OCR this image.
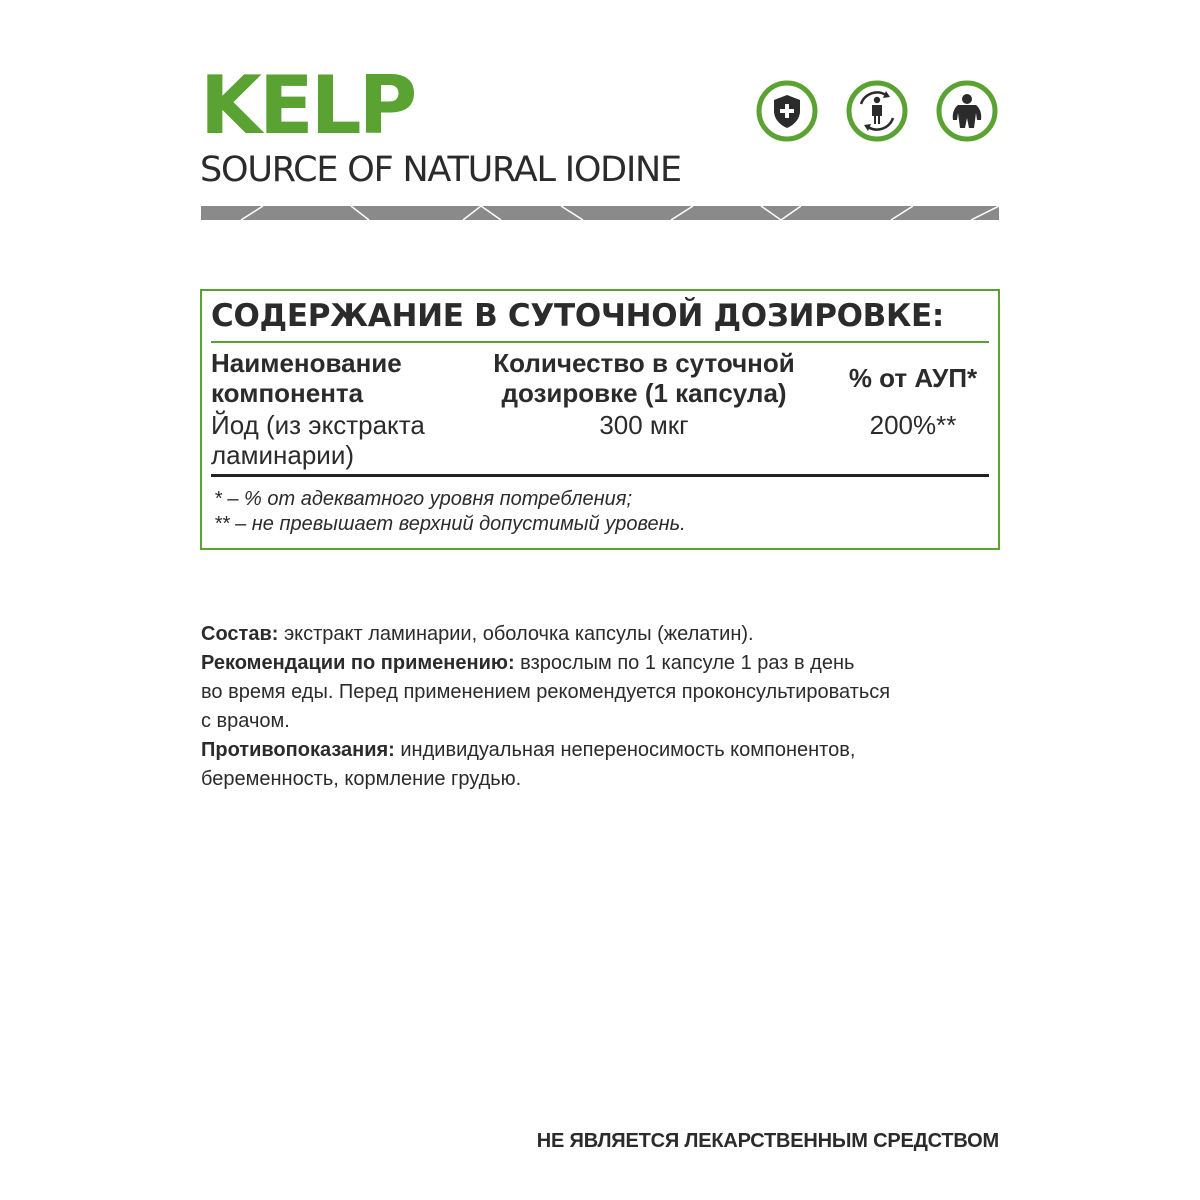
KELP
SOURCE OF NATURAL IODINE
СОДЕРЖАНИЕ В СУТОЧНОЙ ДОЗИРОВКЕ:
Наименование
компонента
Количество в суточной
дозировке (1 капсула)	% от АУП*
Йод (из экстракта
ламинарии)
300 мкг	200%**
* – % от адекватного уровня потребления;
** – не превышает верхний допустимый уровень.

Состав: экстракт ламинарии, оболочка капсулы (желатин).

Рекомендации по применению: взрослым по 1 капсуле 1 раз в день

во время еды. Перед применением рекомендуется проконсультироваться

с врачом.

Противопоказания: индивидуальная непереносимость компонентов,

беременность, кормление грудью.

НЕ ЯВЛЯЕТСЯ ЛЕКАРСТВЕННЫМ СРЕДСТВОМ
